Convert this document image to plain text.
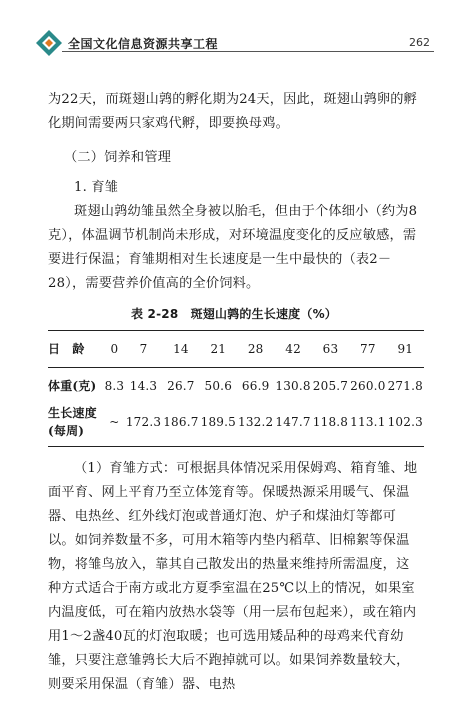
全国文化信息资源共享工程	262

为22天，而斑翅山鹑的孵化期为24天，因此，斑翅山鹑卵的孵化期间需要两只家鸡代孵，即要换母鸡。

（二）饲养和管理

1. 育雏

斑翅山鹑幼雏虽然全身被以胎毛，但由于个体细小（约为8克），体温调节机制尚未形成，对环境温度变化的反应敏感，需要进行保温；育雏期相对生长速度是一生中最快的（表2－28），需要营养价值高的全价饲料。

表 2-28　斑翅山鹑的生长速度（%）
日　龄	0	7	14	21	28	42	63	77	91
体重(克)	8.3	14.3	26.7	50.6	66.9	130.8	205.7	260.0	271.8
生长速度(每周)	~	172.3	186.7	189.5	132.2	147.7	118.8	113.1	102.3

（1）育雏方式：可根据具体情况采用保姆鸡、箱育雏、地面平育、网上平育乃至立体笼育等。保暖热源采用暖气、保温器、电热丝、红外线灯泡或普通灯泡、炉子和煤油灯等都可以。如饲养数量不多，可用木箱等内垫内稻草、旧棉絮等保温物，将雏鸟放入，靠其自己散发出的热量来维持所需温度，这种方式适合于南方或北方夏季室温在25℃以上的情况，如果室内温度低，可在箱内放热水袋等（用一层布包起来），或在箱内用1～2盏40瓦的灯泡取暖；也可选用矮品种的母鸡来代育幼雏，只要注意雏鹑长大后不跑掉就可以。如果饲养数量较大，则要采用保温（育雏）器、电热
